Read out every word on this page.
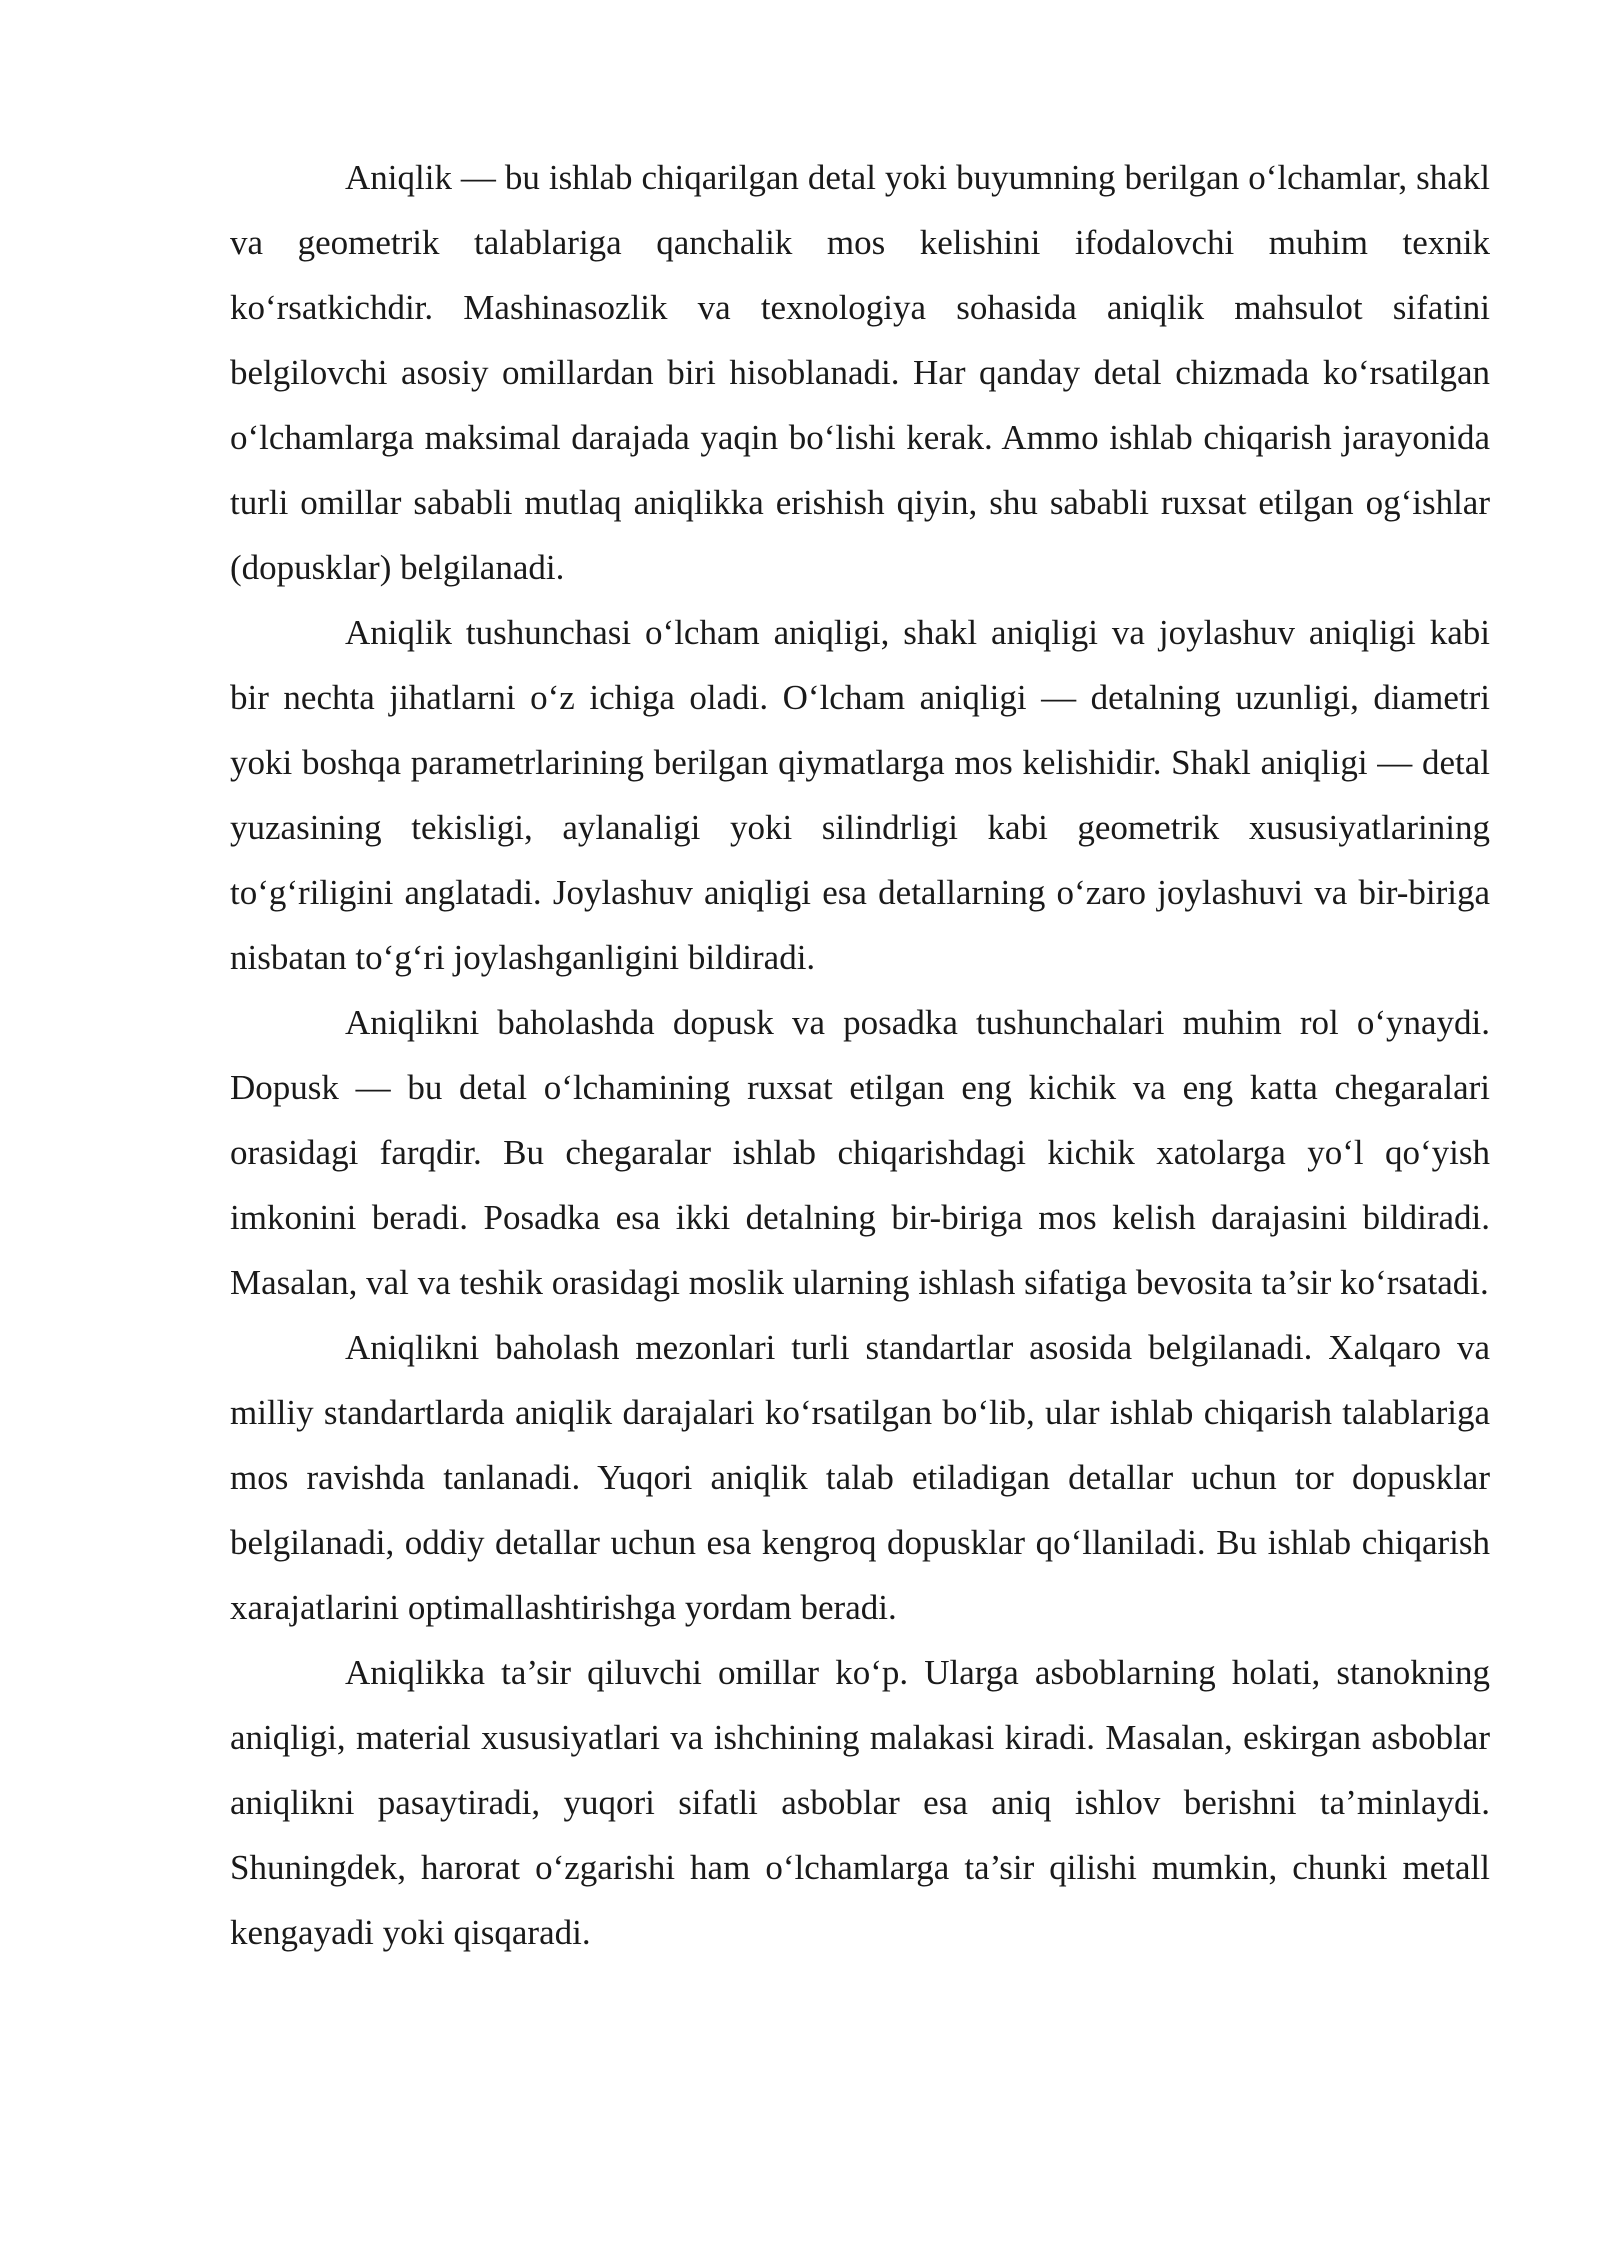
Aniqlik — bu ishlab chiqarilgan detal yoki buyumning berilgan o‘lchamlar, shakl va geometrik talablariga qanchalik mos kelishini ifodalovchi muhim texnik ko‘rsatkichdir. Mashinasozlik va texnologiya sohasida aniqlik mahsulot sifatini belgilovchi asosiy omillardan biri hisoblanadi. Har qanday detal chizmada ko‘rsatilgan o‘lchamlarga maksimal darajada yaqin bo‘lishi kerak. Ammo ishlab chiqarish jarayonida turli omillar sababli mutlaq aniqlikka erishish qiyin, shu sababli ruxsat etilgan og‘ishlar (dopusklar) belgilanadi.

Aniqlik tushunchasi o‘lcham aniqligi, shakl aniqligi va joylashuv aniqligi kabi bir nechta jihatlarni o‘z ichiga oladi. O‘lcham aniqligi — detalning uzunligi, diametri yoki boshqa parametrlarining berilgan qiymatlarga mos kelishidir. Shakl aniqligi — detal yuzasining tekisligi, aylanaligi yoki silindrligi kabi geometrik xususiyatlarining to‘g‘riligini anglatadi. Joylashuv aniqligi esa detallarning o‘zaro joylashuvi va bir-biriga nisbatan to‘g‘ri joylashganligini bildiradi.

Aniqlikni baholashda dopusk va posadka tushunchalari muhim rol o‘ynaydi. Dopusk — bu detal o‘lchamining ruxsat etilgan eng kichik va eng katta chegaralari orasidagi farqdir. Bu chegaralar ishlab chiqarishdagi kichik xatolarga yo‘l qo‘yish imkonini beradi. Posadka esa ikki detalning bir-biriga mos kelish darajasini bildiradi. Masalan, val va teshik orasidagi moslik ularning ishlash sifatiga bevosita ta’sir ko‘rsatadi.

Aniqlikni baholash mezonlari turli standartlar asosida belgilanadi. Xalqaro va milliy standartlarda aniqlik darajalari ko‘rsatilgan bo‘lib, ular ishlab chiqarish talablariga mos ravishda tanlanadi. Yuqori aniqlik talab etiladigan detallar uchun tor dopusklar belgilanadi, oddiy detallar uchun esa kengroq dopusklar qo‘llaniladi. Bu ishlab chiqarish xarajatlarini optimallashtirishga yordam beradi.

Aniqlikka ta’sir qiluvchi omillar ko‘p. Ularga asboblarning holati, stanokning aniqligi, material xususiyatlari va ishchining malakasi kiradi. Masalan, eskirgan asboblar aniqlikni pasaytiradi, yuqori sifatli asboblar esa aniq ishlov berishni ta’minlaydi. Shuningdek, harorat o‘zgarishi ham o‘lchamlarga ta’sir qilishi mumkin, chunki metall kengayadi yoki qisqaradi.
